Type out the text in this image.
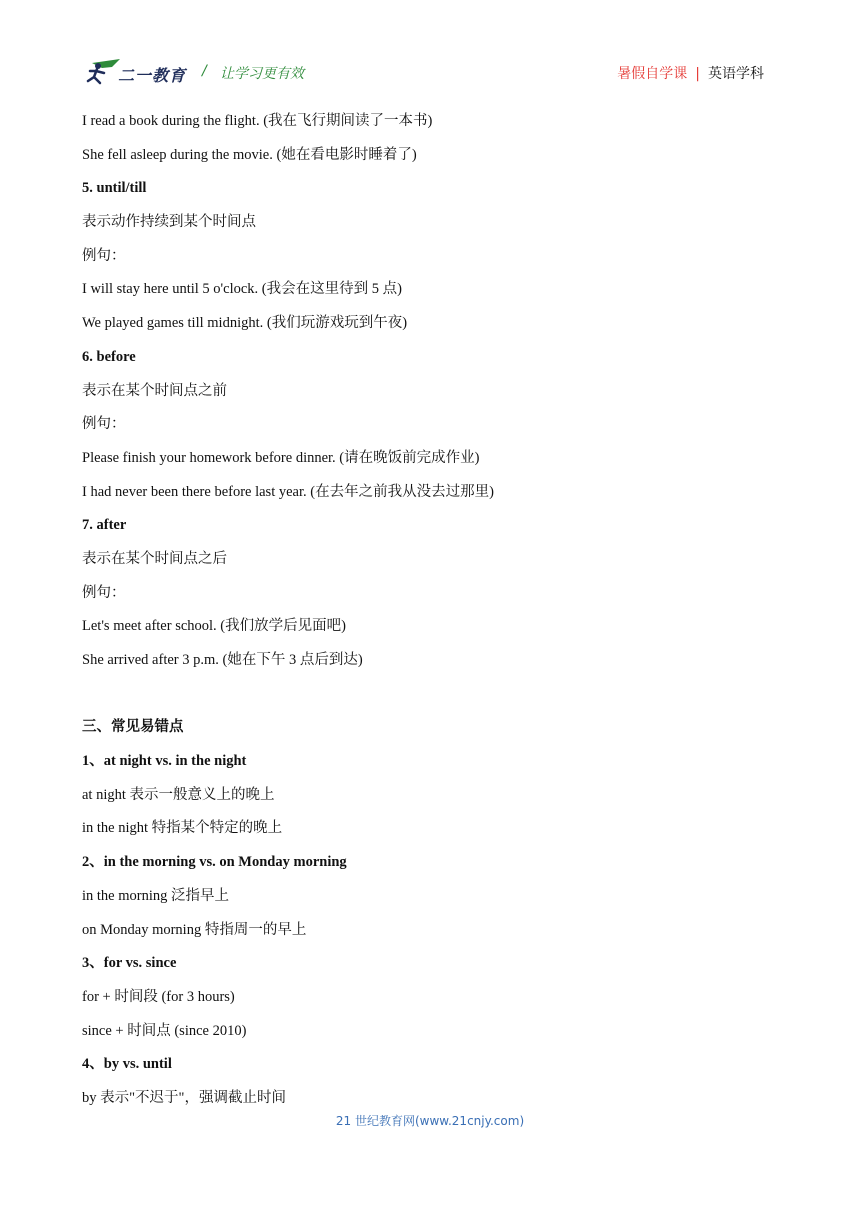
二一教育 / 让学习更有效	暑假自学课 | 英语学科
I read a book during the flight. (我在飞行期间读了一本书)
She fell asleep during the movie. (她在看电影时睡着了)
5. until/till
表示动作持续到某个时间点
例句：
I will stay here until 5 o'clock. (我会在这里待到 5 点)
We played games till midnight. (我们玩游戏玩到午夜)
6. before
表示在某个时间点之前
例句：
Please finish your homework before dinner. (请在晚饭前完成作业)
I had never been there before last year. (在去年之前我从没去过那里)
7. after
表示在某个时间点之后
例句：
Let's meet after school. (我们放学后见面吧)
She arrived after 3 p.m. (她在下午 3 点后到达)
三、常见易错点
1、at night vs. in the night
at night 表示一般意义上的晚上
in the night 特指某个特定的晚上
2、in the morning vs. on Monday morning
in the morning 泛指早上
on Monday morning 特指周一的早上
3、for vs. since
for + 时间段 (for 3 hours)
since + 时间点 (since 2010)
4、by vs. until
by 表示"不迟于"，强调截止时间
21 世纪教育网(www.21cnjy.com)
